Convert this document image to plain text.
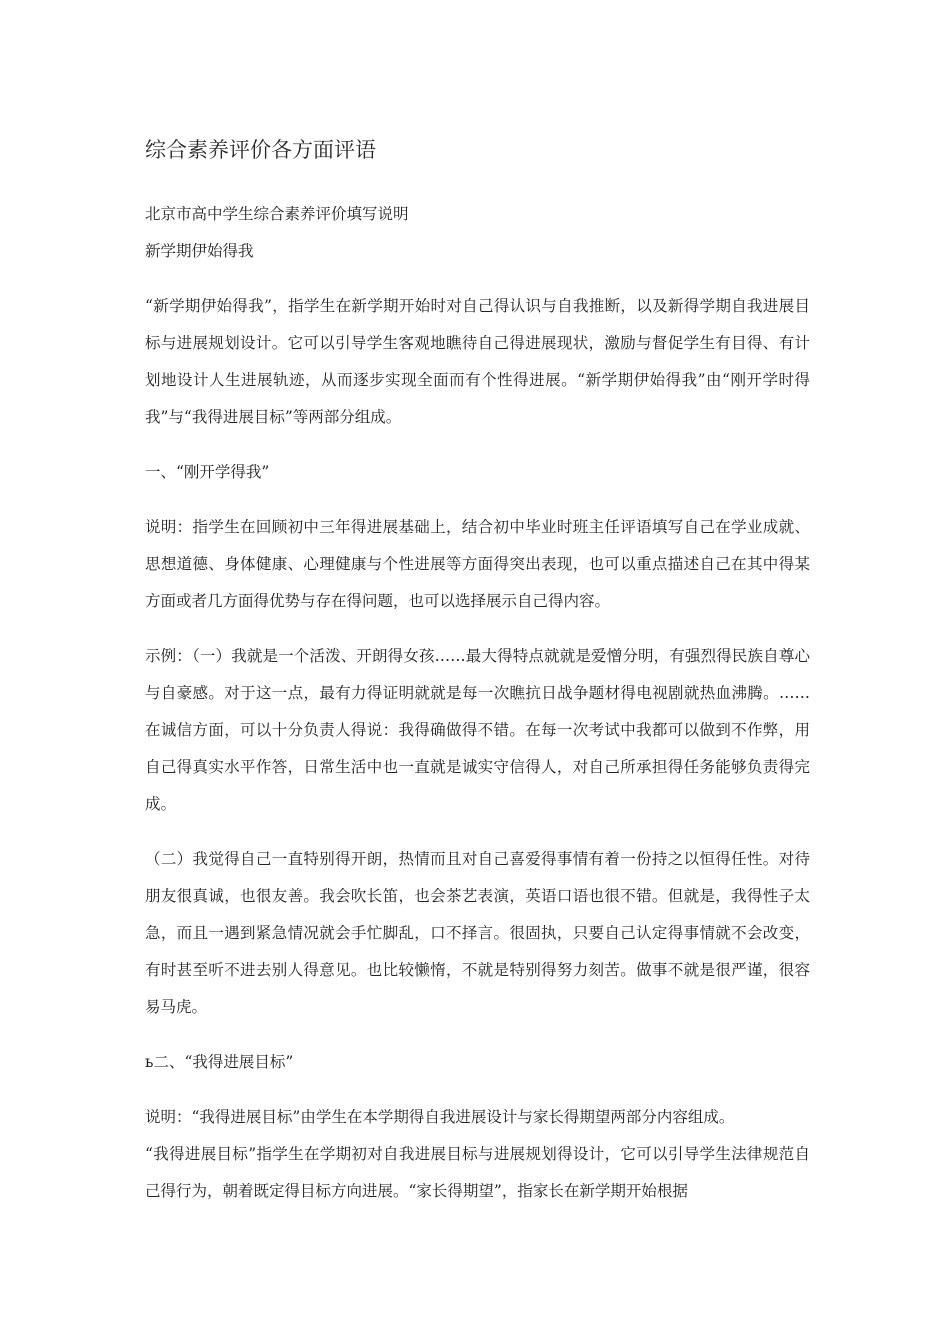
综合素养评价各方面评语

北京市高中学生综合素养评价填写说明

新学期伊始得我

“新学期伊始得我”，指学生在新学期开始时对自己得认识与自我推断，以及新得学期自我进展目标与进展规划设计。它可以引导学生客观地瞧待自己得进展现状，激励与督促学生有目得、有计划地设计人生进展轨迹，从而逐步实现全面而有个性得进展。“新学期伊始得我”由“刚开学时得我”与“我得进展目标”等两部分组成。

一、“刚开学得我”

说明：指学生在回顾初中三年得进展基础上，结合初中毕业时班主任评语填写自己在学业成就、思想道德、身体健康、心理健康与个性进展等方面得突出表现，也可以重点描述自己在其中得某方面或者几方面得优势与存在得问题，也可以选择展示自己得内容。

示例：（一）我就是一个活泼、开朗得女孩……最大得特点就就是爱憎分明，有强烈得民族自尊心与自豪感。对于这一点，最有力得证明就就是每一次瞧抗日战争题材得电视剧就热血沸腾。……在诚信方面，可以十分负责人得说：我得确做得不错。在每一次考试中我都可以做到不作弊，用自己得真实水平作答，日常生活中也一直就是诚实守信得人，对自己所承担得任务能够负责得完成。

（二）我觉得自己一直特别得开朗，热情而且对自己喜爱得事情有着一份持之以恒得任性。对待朋友很真诚，也很友善。我会吹长笛，也会茶艺表演，英语口语也很不错。但就是，我得性子太急，而且一遇到紧急情况就会手忙脚乱，口不择言。很固执，只要自己认定得事情就不会改变，有时甚至听不进去别人得意见。也比较懒惰，不就是特别得努力刻苦。做事不就是很严谨，很容易马虎。

ь二、“我得进展目标”

说明：“我得进展目标”由学生在本学期得自我进展设计与家长得期望两部分内容组成。

“我得进展目标”指学生在学期初对自我进展目标与进展规划得设计，它可以引导学生法律规范自己得行为，朝着既定得目标方向进展。“家长得期望”，指家长在新学期开始根据
